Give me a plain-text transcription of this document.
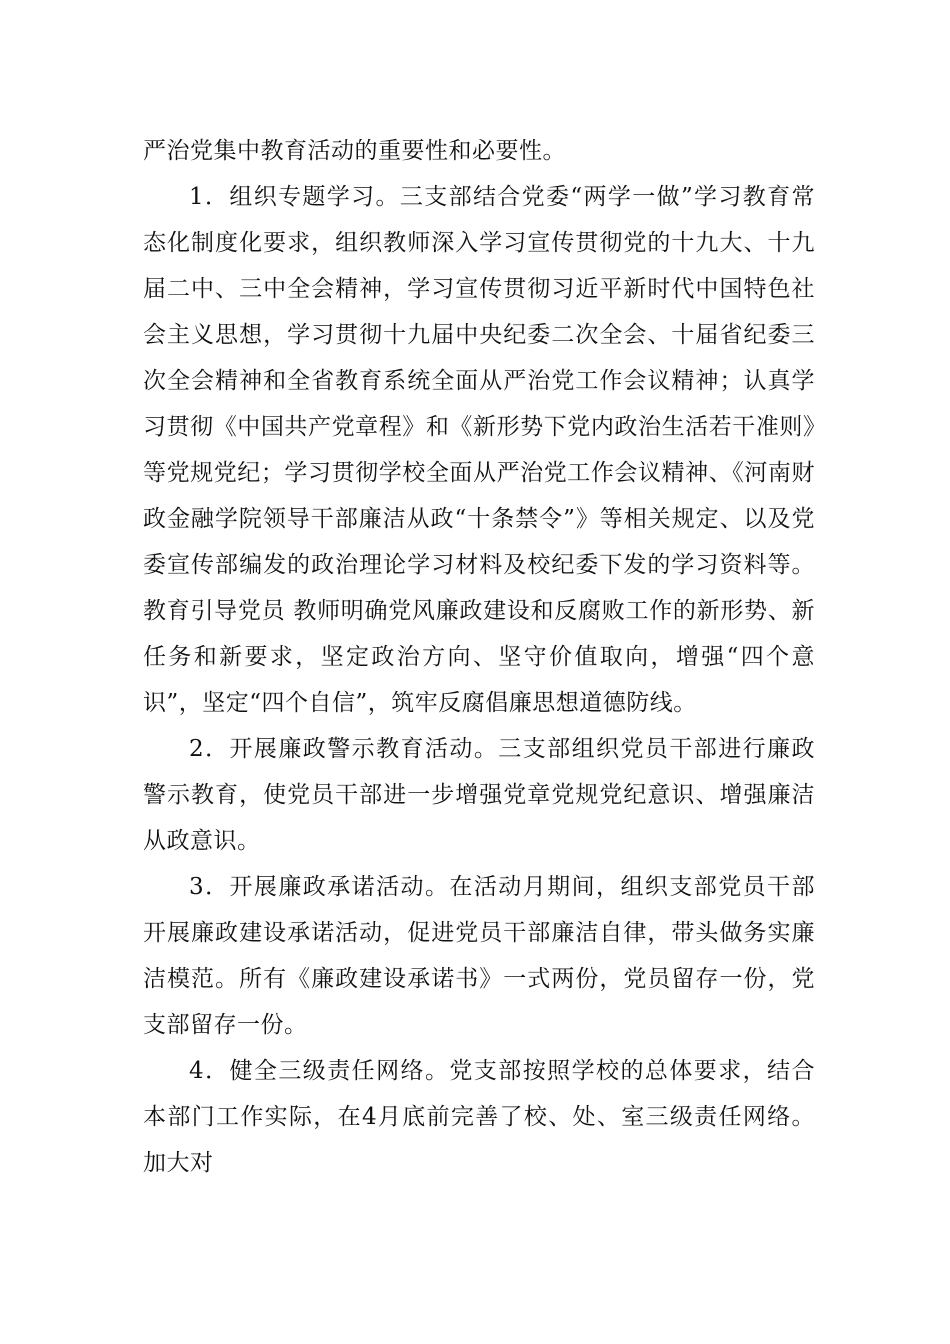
严治党集中教育活动的重要性和必要性。

1．组织专题学习。三支部结合党委“两学一做”学习教育常态化制度化要求，组织教师深入学习宣传贯彻党的十九大、十九届二中、三中全会精神，学习宣传贯彻习近平新时代中国特色社会主义思想，学习贯彻十九届中央纪委二次全会、十届省纪委三次全会精神和全省教育系统全面从严治党工作会议精神；认真学习贯彻《中国共产党章程》和《新形势下党内政治生活若干准则》等党规党纪；学习贯彻学校全面从严治党工作会议精神、《河南财政金融学院领导干部廉洁从政“十条禁令”》等相关规定、以及党委宣传部编发的政治理论学习材料及校纪委下发的学习资料等。教育引导党员 教师明确党风廉政建设和反腐败工作的新形势、新任务和新要求，坚定政治方向、坚守价值取向，增强“四个意识”，坚定“四个自信”，筑牢反腐倡廉思想道德防线。

2．开展廉政警示教育活动。三支部组织党员干部进行廉政警示教育，使党员干部进一步增强党章党规党纪意识、增强廉洁从政意识。

3．开展廉政承诺活动。在活动月期间，组织支部党员干部开展廉政建设承诺活动，促进党员干部廉洁自律，带头做务实廉洁模范。所有《廉政建设承诺书》一式两份，党员留存一份，党支部留存一份。

4．健全三级责任网络。党支部按照学校的总体要求，结合本部门工作实际，在4月底前完善了校、处、室三级责任网络。加大对
